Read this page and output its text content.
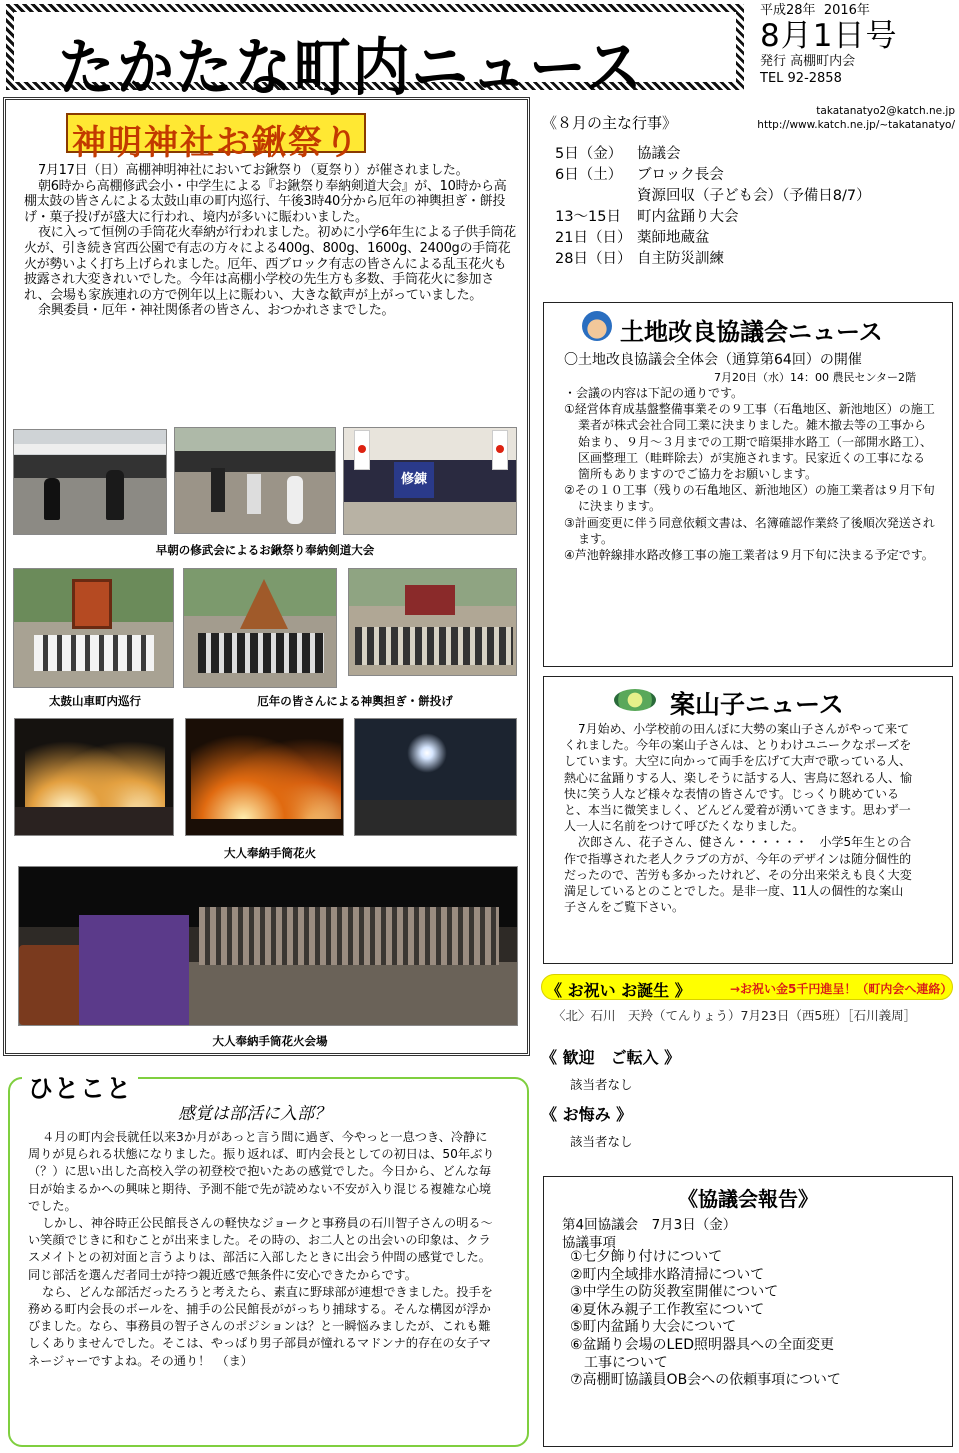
たかたな町内ニュース
平成28年 2016年
8月1日号
発行 高棚町内会
TEL 92-2858
takatanatyo2@katch.ne.jp
http://www.katch.ne.jp/~takatanatyo/
神明神社お鍬祭り

7月17日（日）高棚神明神社においてお鍬祭り（夏祭り）が催されました。

朝6時から高棚修武会小・中学生による『お鍬祭り奉納剣道大会』が、10時から高棚太鼓の皆さんによる太鼓山車の町内巡行、午後3時40分から厄年の神輿担ぎ・餅投げ・菓子投げが盛大に行われ、境内が多いに賑わいました。

夜に入って恒例の手筒花火奉納が行われました。初めに小学6年生による子供手筒花火が、引き続き宮西公園で有志の方々による400g、800g、1600g、2400gの手筒花火が勢いよく打ち上げられました。厄年、西ブロック有志の皆さんによる乱玉花火も披露され大変きれいでした。今年は高棚小学校の先生方も多数、手筒花火に参加され、会場も家族連れの方で例年以上に賑わい、大きな歓声が上がっていました。

余興委員・厄年・神社関係者の皆さん、おつかれさまでした。

修錬
早朝の修武会によるお鍬祭り奉納剣道大会
太鼓山車町内巡行	厄年の皆さんによる神輿担ぎ・餅投げ
大人奉納手筒花火
大人奉納手筒花火会場
《８月の主な行事》
5日（金）	協議会
6日（土）	ブロック長会
資源回収（子ども会）（予備日8/7）
13～15日	町内盆踊り大会
21日（日） 薬師地蔵盆
28日（日） 自主防災訓練
土地改良協議会ニュース
〇土地改良協議会全体会（通算第64回）の開催
7月20日（水）14：00 農民センター2階
・会議の内容は下記の通りです。
①経営体育成基盤整備事業その９工事（石亀地区、新池地区）の施工業者が株式会社合同工業に決まりました。雑木撤去等の工事から始まり、９月～３月までの工期で暗渠排水路工（一部開水路工）、区画整理工（畦畔除去）が実施されます。民家近くの工事になる箇所もありますのでご協力をお願いします。
②その１０工事（残りの石亀地区、新池地区）の施工業者は９月下旬に決まります。
③計画変更に伴う同意依頼文書は、名簿確認作業終了後順次発送されます。
④芦池幹線排水路改修工事の施工業者は９月下旬に決まる予定です。
案山子ニュース

7月始め、小学校前の田んぼに大勢の案山子さんがやって来てくれました。今年の案山子さんは、とりわけユニークなポーズをしています。大空に向かって両手を広げて大声で歌っている人、熱心に盆踊りする人、楽しそうに話する人、害鳥に怒れる人、愉快に笑う人など様々な表情の皆さんです。じっくり眺めていると、本当に微笑ましく、どんどん愛着が湧いてきます。思わず一人一人に名前をつけて呼びたくなりました。

次郎さん、花子さん、健さん・・・・・・　小学5年生との合作で指導された老人クラブの方が、今年のデザインは随分個性的だったので、苦労も多かったけれど、その分出来栄えも良く大変満足しているとのことでした。是非一度、11人の個性的な案山子さんをご覧下さい。

《 お祝い お誕生 》	→お祝い金5千円進呈！（町内会へ連絡）
〈北〉石川　天羚（てんりょう）7月23日（西5班）［石川義周］
《 歓迎　ご転入 》
該当者なし
《 お悔み 》
該当者なし
《協議会報告》
第4回協議会　7月3日（金）
協議事項
①七夕飾り付けについて
②町内全域排水路清掃について
③中学生の防災教室開催について
④夏休み親子工作教室について
⑤町内盆踊り大会について
⑥盆踊り会場のLED照明器具への全面変更
　工事について
⑦高棚町協議員OB会への依頼事項について
ひとこと
感覚は部活に入部？

４月の町内会長就任以来3か月があっと言う間に過ぎ、今やっと一息つき、冷静に周りが見られる状態になりました。振り返れば、町内会長としての初日は、50年ぶり（？）に思い出した高校入学の初登校で抱いたあの感覚でした。今日から、どんな毎日が始まるかへの興味と期待、予測不能で先が読めない不安が入り混じる複雑な心境でした。

しかし、神谷時正公民館長さんの軽快なジョークと事務員の石川智子さんの明る～い笑顔でじきに和むことが出来ました。その時の、お二人との出会いの印象は、クラスメイトとの初対面と言うよりは、部活に入部したときに出会う仲間の感覚でした。同じ部活を選んだ者同士が持つ親近感で無条件に安心できたからです。

なら、どんな部活だったろうと考えたら、素直に野球部が連想できました。投手を務める町内会長のボールを、捕手の公民館長ががっちり捕球する。そんな構図が浮かびました。なら、事務員の智子さんのポジションは？と一瞬悩みましたが、これも難しくありませんでした。そこは、やっぱり男子部員が憧れるマドンナ的存在の女子マネージャーですよね。その通り！　（ま）
